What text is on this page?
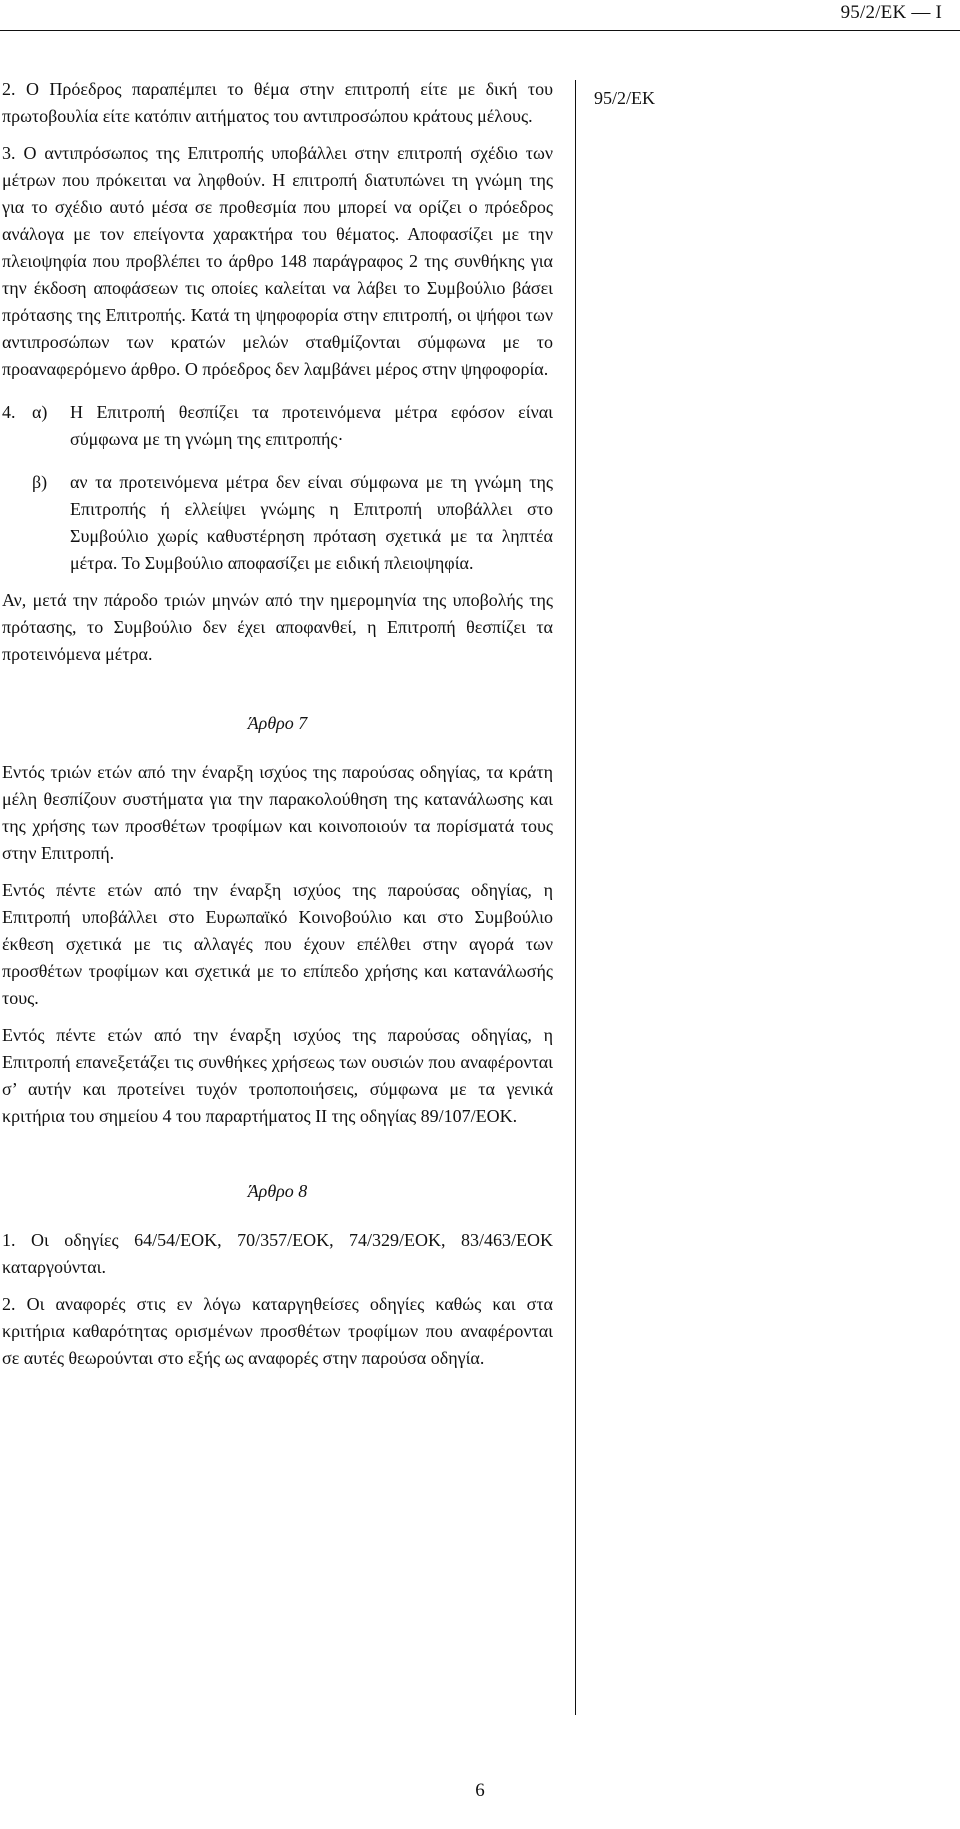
95/2/ΕΚ — Ι
95/2/ΕΚ

2. Ο Πρόεδρος παραπέμπει το θέμα στην επιτροπή είτε με δική του πρωτοβουλία είτε κατόπιν αιτήματος του αντιπροσώπου κράτους μέλους.

3. Ο αντιπρόσωπος της Επιτροπής υποβάλλει στην επιτροπή σχέδιο των μέτρων που πρόκειται να ληφθούν. Η επιτροπή διατυπώνει τη γνώμη της για το σχέδιο αυτό μέσα σε προθεσμία που μπορεί να ορίζει ο πρόεδρος ανάλογα με τον επείγοντα χαρακτήρα του θέματος. Αποφασίζει με την πλειοψηφία που προβλέπει το άρθρο 148 παράγραφος 2 της συνθήκης για την έκδοση αποφάσεων τις οποίες καλείται να λάβει το Συμβούλιο βάσει πρότασης της Επιτροπής. Κατά τη ψηφοφορία στην επιτροπή, οι ψήφοι των αντιπροσώπων των κρατών μελών σταθμίζονται σύμφωνα με το προαναφερόμενο άρθρο. Ο πρόεδρος δεν λαμβάνει μέρος στην ψηφοφορία.

4. α)	Η Επιτροπή θεσπίζει τα προτεινόμενα μέτρα εφόσον είναι σύμφωνα με τη γνώμη της επιτροπής·
β)	αν τα προτεινόμενα μέτρα δεν είναι σύμφωνα με τη γνώμη της Επιτροπής ή ελλείψει γνώμης η Επιτροπή υποβάλλει στο Συμβούλιο χωρίς καθυστέρηση πρόταση σχετικά με τα ληπτέα μέτρα. Το Συμβούλιο αποφασίζει με ειδική πλειοψηφία.

Αν, μετά την πάροδο τριών μηνών από την ημερομηνία της υποβολής της πρότασης, το Συμβούλιο δεν έχει αποφανθεί, η Επιτροπή θεσπίζει τα προτεινόμενα μέτρα.

Άρθρο 7

Εντός τριών ετών από την έναρξη ισχύος της παρούσας οδηγίας, τα κράτη μέλη θεσπίζουν συστήματα για την παρακολούθηση της κατανάλωσης και της χρήσης των προσθέτων τροφίμων και κοινοποιούν τα πορίσματά τους στην Επιτροπή.

Εντός πέντε ετών από την έναρξη ισχύος της παρούσας οδηγίας, η Επιτροπή υποβάλλει στο Ευρωπαϊκό Κοινοβούλιο και στο Συμβούλιο έκθεση σχετικά με τις αλλαγές που έχουν επέλθει στην αγορά των προσθέτων τροφίμων και σχετικά με το επίπεδο χρήσης και κατανάλωσής τους.

Εντός πέντε ετών από την έναρξη ισχύος της παρούσας οδηγίας, η Επιτροπή επανεξετάζει τις συνθήκες χρήσεως των ουσιών που αναφέρονται σ’ αυτήν και προτείνει τυχόν τροποποιήσεις, σύμφωνα με τα γενικά κριτήρια του σημείου 4 του παραρτήματος ΙΙ της οδηγίας 89/107/ΕΟΚ.

Άρθρο 8

1. Οι οδηγίες 64/54/ΕΟΚ, 70/357/ΕΟΚ, 74/329/ΕΟΚ, 83/463/ΕΟΚ καταργούνται.

2. Οι αναφορές στις εν λόγω καταργηθείσες οδηγίες καθώς και στα κριτήρια καθαρότητας ορισμένων προσθέτων τροφίμων που αναφέρονται σε αυτές θεωρούνται στο εξής ως αναφορές στην παρούσα οδηγία.

6
